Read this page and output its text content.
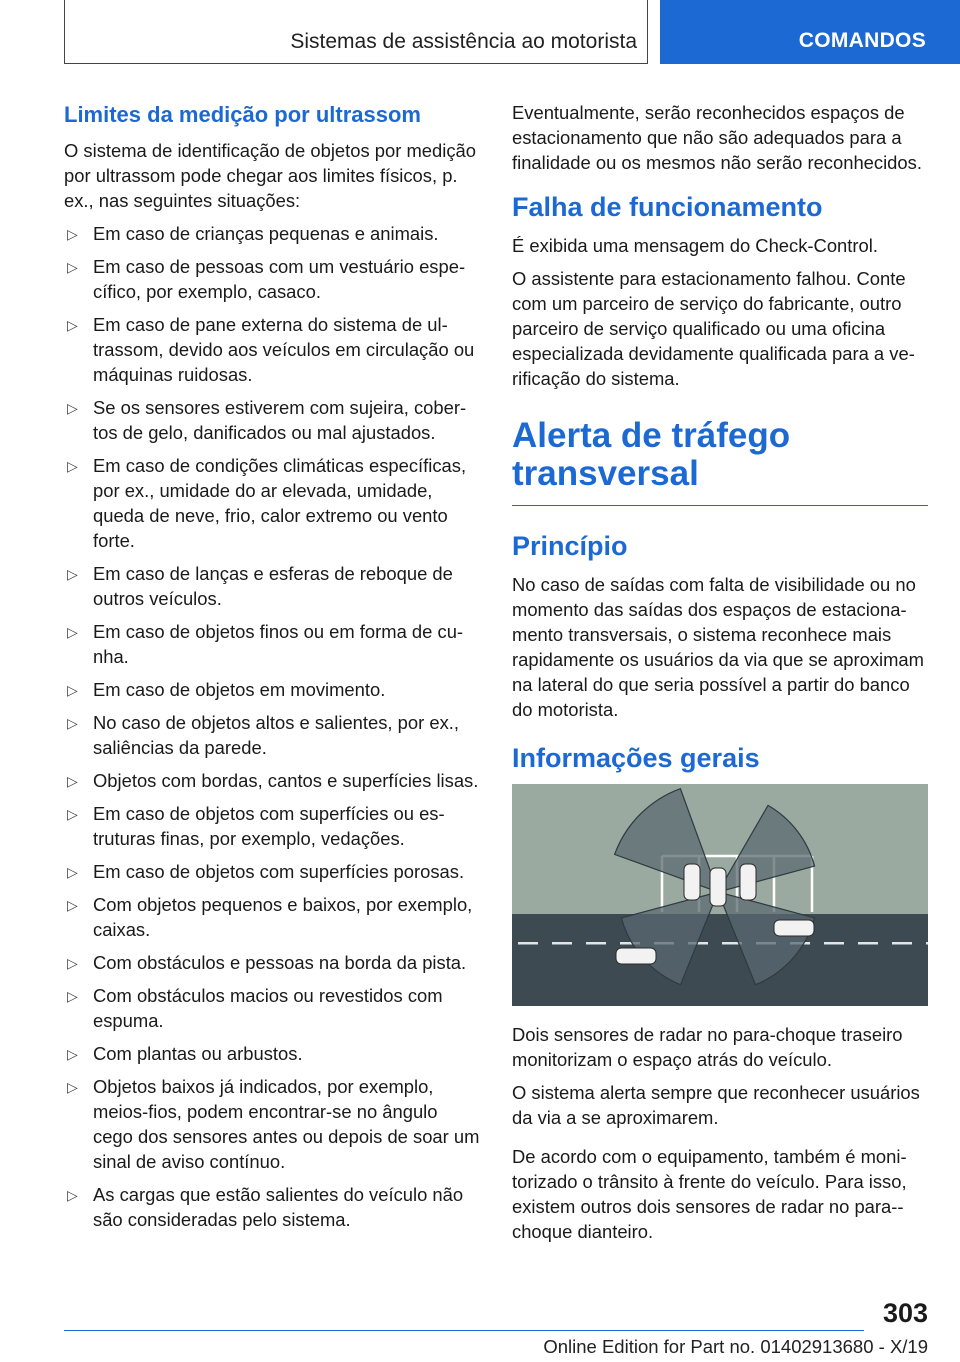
Sistemas de assistência ao motorista	COMANDOS
Limites da medição por ultrassom

O sistema de identificação de objetos por medição por ultrassom pode chegar aos limites físicos, p. ex., nas seguintes situações:

▷ Em caso de crianças pequenas e animais.
▷ Em caso de pessoas com um vestuário específico, por exemplo, casaco.
▷ Em caso de pane externa do sistema de ultrassom, devido aos veículos em circulação ou máquinas ruidosas.
▷ Se os sensores estiverem com sujeira, cobertos de gelo, danificados ou mal ajustados.
▷ Em caso de condições climáticas específicas, por ex., umidade do ar elevada, umidade, queda de neve, frio, calor extremo ou vento forte.
▷ Em caso de lanças e esferas de reboque de outros veículos.
▷ Em caso de objetos finos ou em forma de cunha.
▷ Em caso de objetos em movimento.
▷ No caso de objetos altos e salientes, por ex., saliências da parede.
▷ Objetos com bordas, cantos e superfícies lisas.
▷ Em caso de objetos com superfícies ou estruturas finas, por exemplo, vedações.
▷ Em caso de objetos com superfícies porosas.
▷ Com objetos pequenos e baixos, por exemplo, caixas.
▷ Com obstáculos e pessoas na borda da pista.
▷ Com obstáculos macios ou revestidos com espuma.
▷ Com plantas ou arbustos.
▷ Objetos baixos já indicados, por exemplo, meios-fios, podem encontrar-se no ângulo cego dos sensores antes ou depois de soar um sinal de aviso contínuo.
▷ As cargas que estão salientes do veículo não são consideradas pelo sistema.

Eventualmente, serão reconhecidos espaços de estacionamento que não são adequados para a finalidade ou os mesmos não serão reconhecidos.

Falha de funcionamento

É exibida uma mensagem do Check-Control.

O assistente para estacionamento falhou. Conte com um parceiro de serviço do fabricante, outro parceiro de serviço qualificado ou uma oficina especializada devidamente qualificada para a verificação do sistema.

Alerta de tráfego
transversal
Princípio

No caso de saídas com falta de visibilidade ou no momento das saídas dos espaços de estacionamento transversais, o sistema reconhece mais rapidamente os usuários da via que se aproximam na lateral do que seria possível a partir do banco do motorista.

Informações gerais

Dois sensores de radar no para-choque traseiro monitorizam o espaço atrás do veículo.

O sistema alerta sempre que reconhecer usuários da via a se aproximarem.

De acordo com o equipamento, também é monitorizado o trânsito à frente do veículo. Para isso, existem outros dois sensores de radar no para-choque dianteiro.

303
Online Edition for Part no. 01402913680 - X/19
